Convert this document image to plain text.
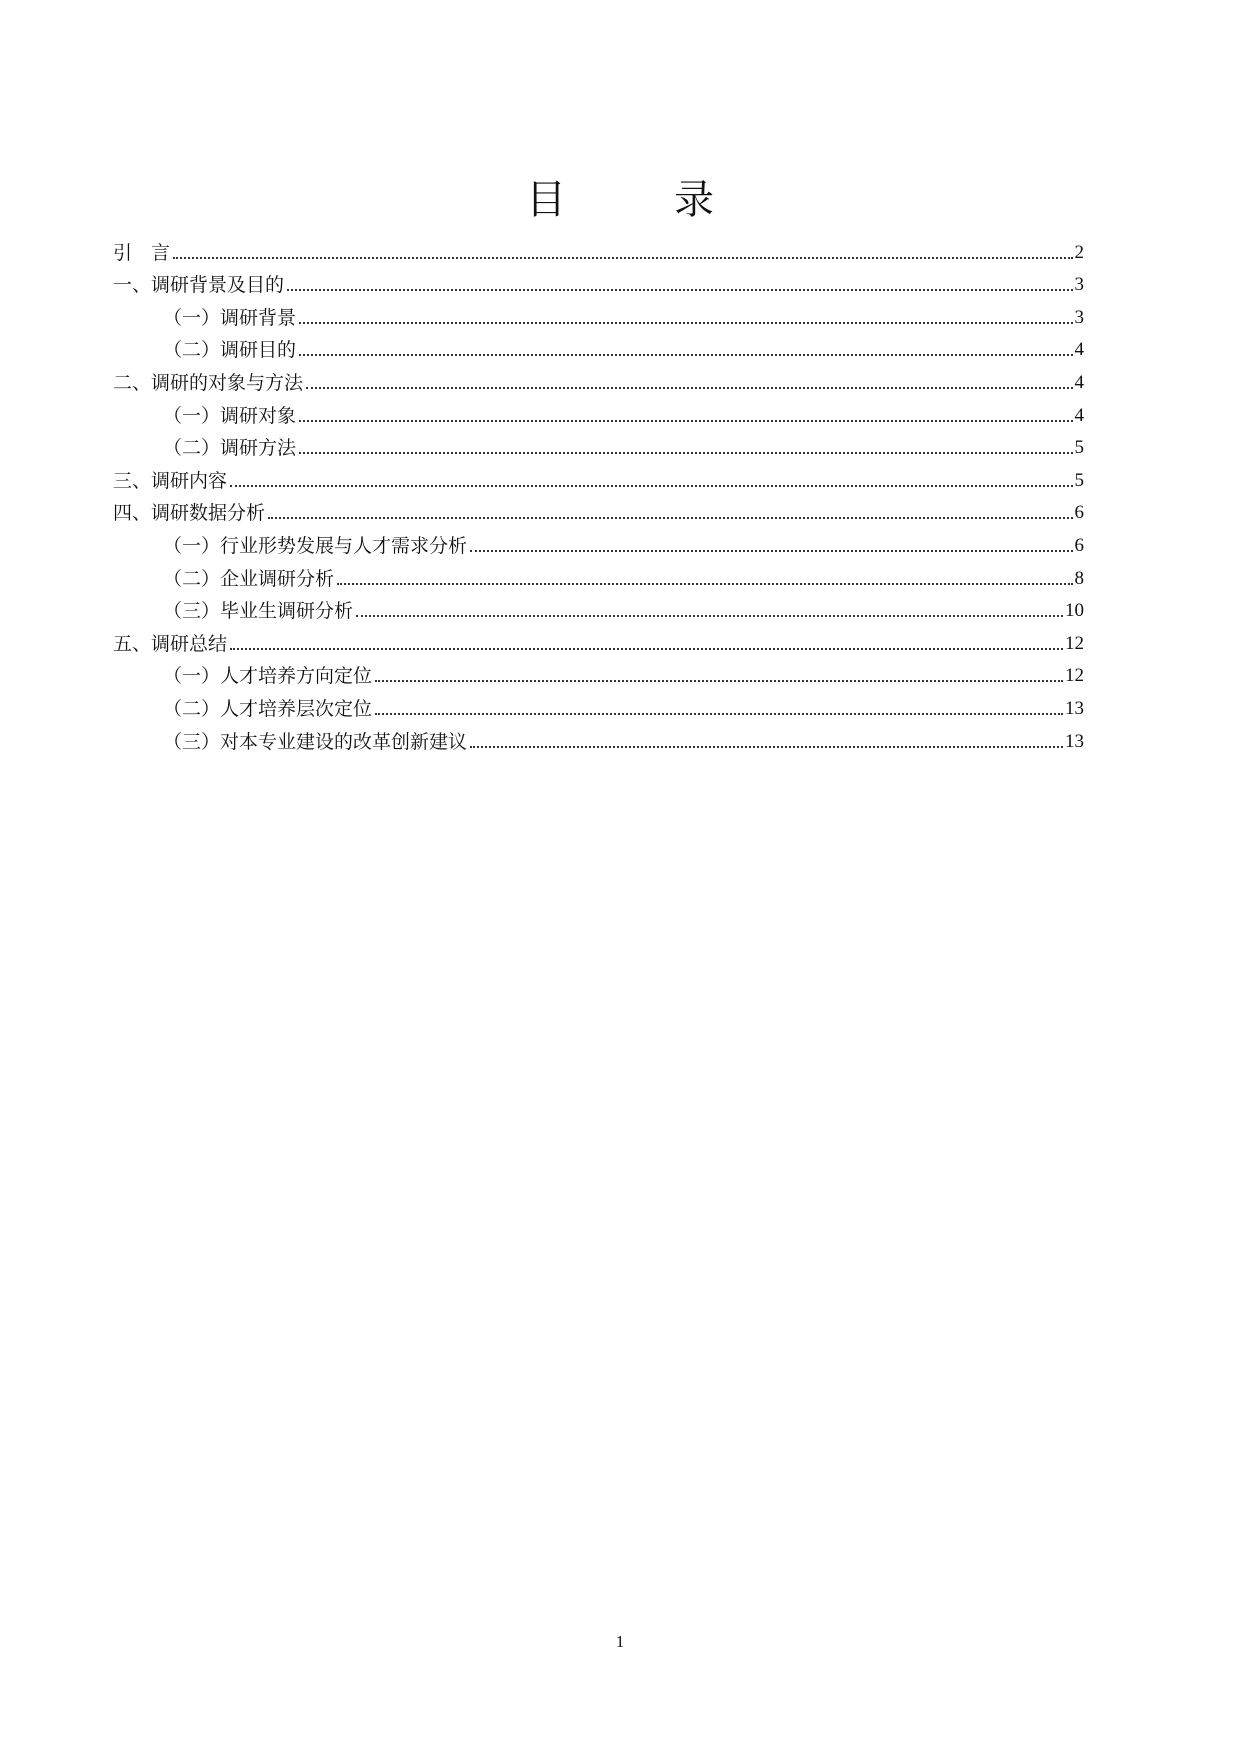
目　录
引　言	2
一、调研背景及目的	3
（一）调研背景	3
（二）调研目的	4
二、调研的对象与方法	4
（一）调研对象	4
（二）调研方法	5
三、调研内容	5
四、调研数据分析	6
（一）行业形势发展与人才需求分析	6
（二）企业调研分析	8
（三）毕业生调研分析	10
五、调研总结	12
（一）人才培养方向定位	12
（二）人才培养层次定位	13
（三）对本专业建设的改革创新建议	13
1
